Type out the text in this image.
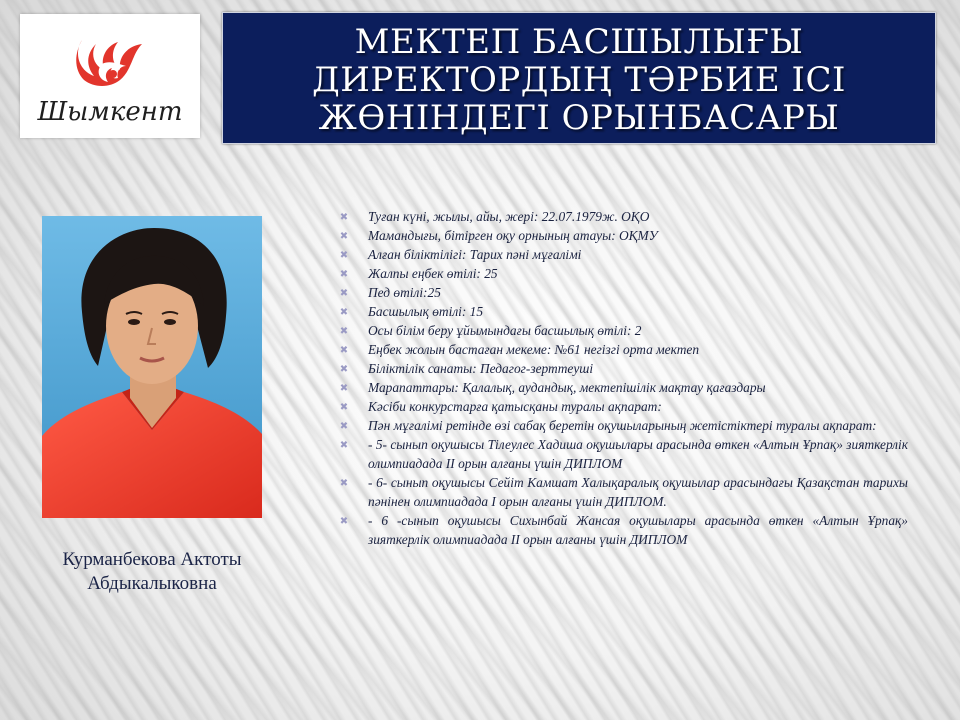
Шымкент

МЕКТЕП БАСШЫЛЫҒЫ
ДИРЕКТОРДЫҢ ТӘРБИЕ ІСІ
ЖӨНІНДЕГІ ОРЫНБАСАРЫ

Курманбекова Актоты
Абдыкалыковна
✖ Туған күні, жылы, айы, жері: 22.07.1979ж. ОҚО
✖ Мамандығы, бітірген оқу орнының атауы: ОҚМУ
✖ Алған біліктілігі: Тарих пәні мұғалімі
✖ Жалпы еңбек өтілі: 25
✖ Пед өтілі:25
✖ Басшылық өтілі: 15
✖ Осы білім беру ұйымындағы басшылық өтілі: 2
✖ Еңбек жолын бастаған мекеме: №61 негізгі орта мектеп
✖ Біліктілік санаты: Педагог-зерттеуші
✖ Марапаттары: Қалалық, аудандық, мектепішілік мақтау қағаздары
✖ Кәсіби конкурстарға қатысқаны туралы ақпарат:
✖ Пән мұғалімі ретінде өзі сабақ беретін оқушыларының жетістіктері туралы ақпарат:
✖ - 5- сынып оқушысы Тілеулес Хадиша оқушылары арасында өткен «Алтын Ұрпақ» зияткерлік олимпиадада II орын алғаны үшін ДИПЛОМ
✖ - 6- сынып оқушысы Сейіт Камшат Халықаралық оқушылар арасындағы Қазақстан тарихы пәнінен олимпиадада I орын алғаны үшін ДИПЛОМ.
✖ - 6 -сынып оқушысы Сихынбай Жансая оқушылары арасында өткен «Алтын Ұрпақ» зияткерлік олимпиадада II орын алғаны үшін ДИПЛОМ
